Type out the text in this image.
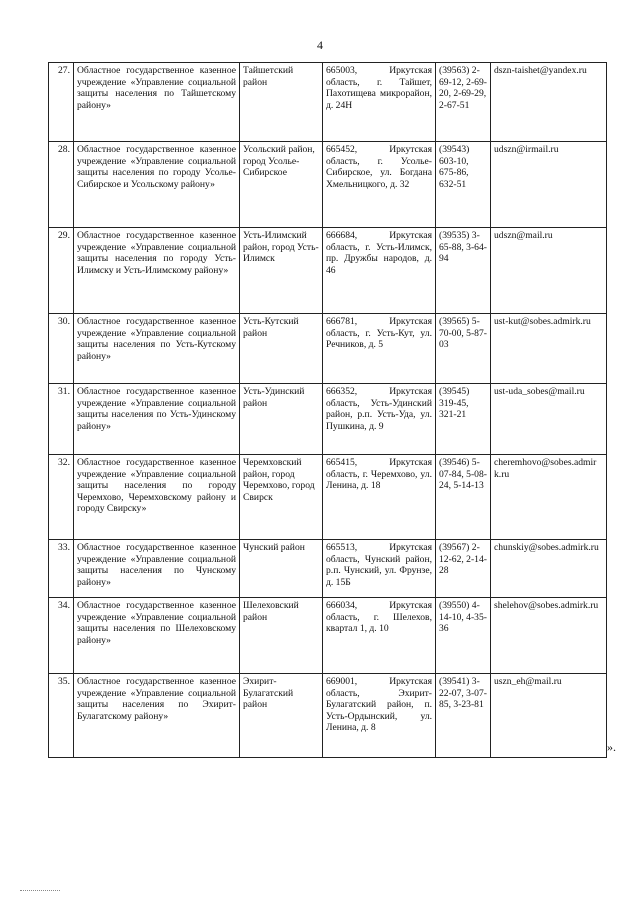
4
27.	Областное государственное казенное учреждение «Управление социальной защиты населения по Тайшетскому району»	Тайшетский район	665003, Иркутская область, г. Тайшет, Пахотищева микрорайон, д. 24Н	(39563) 2-69-12, 2-69-20, 2-69-29, 2-67-51	dszn-taishet@yandex.ru
28.	Областное государственное казенное учреждение «Управление социальной защиты населения по городу Усолье-Сибирское и Усольскому району»	Усольский район, город Усолье-Сибирское	665452, Иркутская область, г. Усолье-Сибирское, ул. Богдана Хмельницкого, д. 32	(39543) 603-10, 675-86, 632-51	udszn@irmail.ru
29.	Областное государственное казенное учреждение «Управление социальной защиты населения по городу Усть-Илимску и Усть-Илимскому району»	Усть-Илимский район, город Усть-Илимск	666684, Иркутская область, г. Усть-Илимск, пр. Дружбы народов, д. 46	(39535) 3-65-88, 3-64-94	udszn@mail.ru
30.	Областное государственное казенное учреждение «Управление социальной защиты населения по Усть-Кутскому району»	Усть-Кутский район	666781, Иркутская область, г. Усть-Кут, ул. Речников, д. 5	(39565) 5-70-00, 5-87-03	ust-kut@sobes.admirk.ru
31.	Областное государственное казенное учреждение «Управление социальной защиты населения по Усть-Удинскому району»	Усть-Удинский район	666352, Иркутская область, Усть-Удинский район, р.п. Усть-Уда, ул. Пушкина, д. 9	(39545) 319-45, 321-21	ust-uda_sobes@mail.ru
32.	Областное государственное казенное учреждение «Управление социальной защиты населения по городу Черемхово, Черемховскому району и городу Свирску»	Черемховский район, город Черемхово, город Свирск	665415, Иркутская область, г. Черемхово, ул. Ленина, д. 18	(39546) 5-07-84, 5-08-24, 5-14-13	cheremhovo@sobes.admirk.ru
33.	Областное государственное казенное учреждение «Управление социальной защиты населения по Чунскому району»	Чунский район	665513, Иркутская область, Чунский район, р.п. Чунский, ул. Фрунзе, д. 15Б	(39567) 2-12-62, 2-14-28	chunskiy@sobes.admirk.ru
34.	Областное государственное казенное учреждение «Управление социальной защиты населения по Шелеховскому району»	Шелеховский район	666034, Иркутская область, г. Шелехов, квартал 1, д. 10	(39550) 4-14-10, 4-35-36	shelehov@sobes.admirk.ru
35.	Областное государственное казенное учреждение «Управление социальной защиты населения по Эхирит-Булагатскому району»	Эхирит-Булагатский район	669001, Иркутская область, Эхирит-Булагатский район, п. Усть-Ордынский, ул. Ленина, д. 8	(39541) 3-22-07, 3-07-85, 3-23-81	uszn_eh@mail.ru
».
